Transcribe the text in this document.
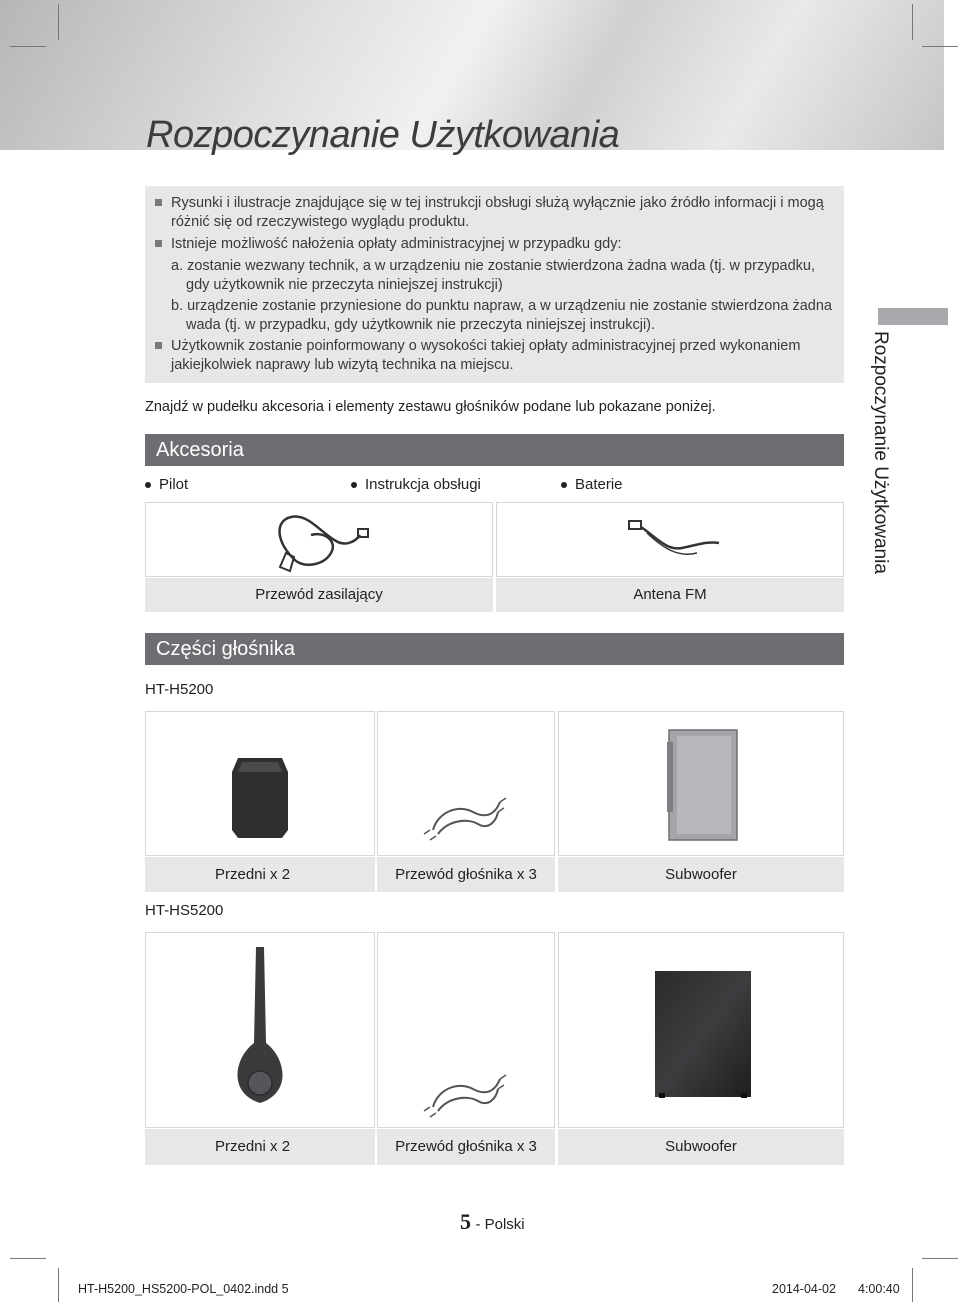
Rozpoczynanie Użytkowania
Rysunki i ilustracje znajdujące się w tej instrukcji obsługi służą wyłącznie jako źródło informacji i mogą
różnić się od rzeczywistego wyglądu produktu.
Istnieje możliwość nałożenia opłaty administracyjnej w przypadku gdy:
a. zostanie wezwany technik, a w urządzeniu nie zostanie stwierdzona żadna wada (tj. w przypadku,
gdy użytkownik nie przeczyta niniejszej instrukcji)
b. urządzenie zostanie przyniesione do punktu napraw, a w urządzeniu nie zostanie stwierdzona żadna
wada (tj. w przypadku, gdy użytkownik nie przeczyta niniejszej instrukcji).
Użytkownik zostanie poinformowany o wysokości takiej opłaty administracyjnej przed wykonaniem
jakiejkolwiek naprawy lub wizytą technika na miejscu.
Znajdź w pudełku akcesoria i elementy zestawu głośników podane lub pokazane poniżej.
Akcesoria
Pilot	Instrukcja obsługi	Baterie
Przewód zasilający	Antena FM
Części głośnika
HT-H5200
Przedni x 2	Przewód głośnika x 3	Subwoofer
HT-HS5200
Przedni x 2	Przewód głośnika x 3	Subwoofer
Rozpoczynanie Użytkowania
5 - Polski
HT-H5200_HS5200-POL_0402.indd 5	2014-04-02 4:00:40
